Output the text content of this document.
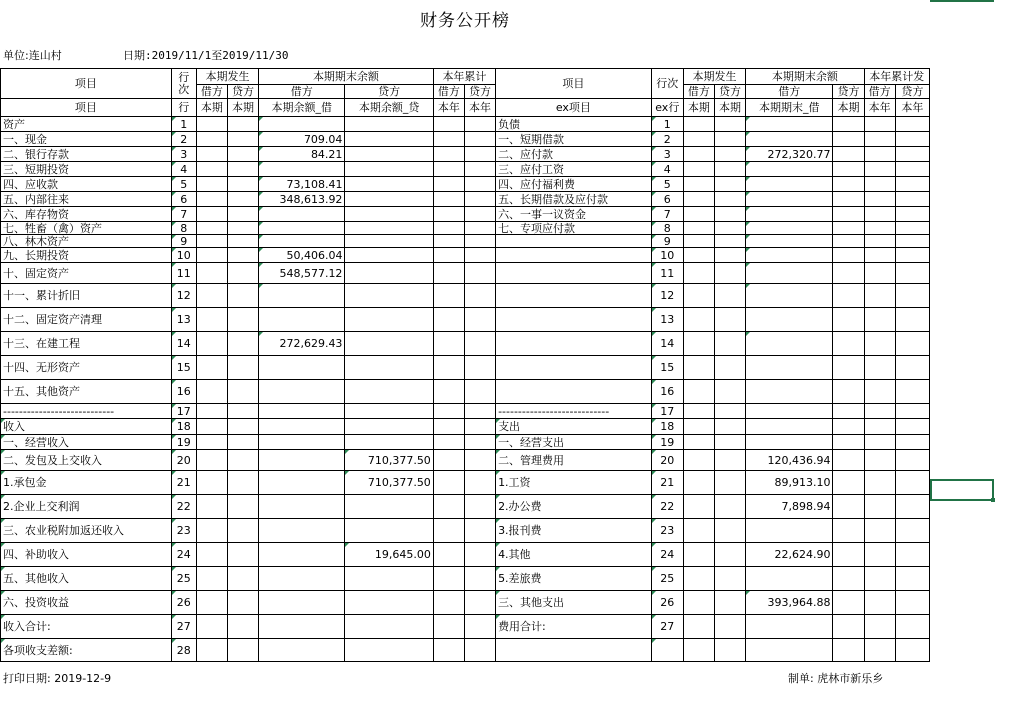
财务公开榜
单位:连山村	日期:2019/11/1至2019/11/30
项目	行次	本期发生		本期期末余额		本年累计		项目	行次	本期发生		本期期末余额		本年累计发	
		借方	贷方	借方	贷方	借方	贷方			借方	贷方	借方	贷方	借方	贷方
项目	行	本期	本期	本期余额_借	本期余额_贷	本年	本年	ex项目	ex行	本期	本期	本期期末_借	本期	本年	本年
资产	1							负债	1						
一、现金	2			709.04				一、短期借款	2						
二、银行存款	3			84.21				二、应付款	3			272,320.77			
三、短期投资	4							三、应付工资	4						
四、应收款	5			73,108.41				四、应付福利费	5						
五、内部往来	6			348,613.92				五、长期借款及应付款	6						
六、库存物资	7							六、一事一议资金	7						
七、牲畜（禽）资产	8							七、专项应付款	8						
八、林木资产	9								9						
九、长期投资	10			50,406.04					10						
十、固定资产	11			548,577.12					11						
十一、累计折旧	12								12						
十二、固定资产清理	13								13						
十三、在建工程	14			272,629.43					14						
十四、无形资产	15								15						
十五、其他资产	16								16						
----------------------------	17							----------------------------	17						
收入	18							支出	18						
一、经营收入	19							一、经营支出	19						
二、发包及上交收入	20				710,377.50			二、管理费用	20			120,436.94			
1.承包金	21				710,377.50			1.工资	21			89,913.10			
2.企业上交利润	22							2.办公费	22			7,898.94			
三、农业税附加返还收入	23							3.报刊费	23						
四、补助收入	24				19,645.00			4.其他	24			22,624.90			
五、其他收入	25							5.差旅费	25						
六、投资收益	26							三、其他支出	26			393,964.88			
收入合计:	27							费用合计:	27						
各项收支差额:	28														
打印日期: 2019-12-9	制单: 虎林市新乐乡
